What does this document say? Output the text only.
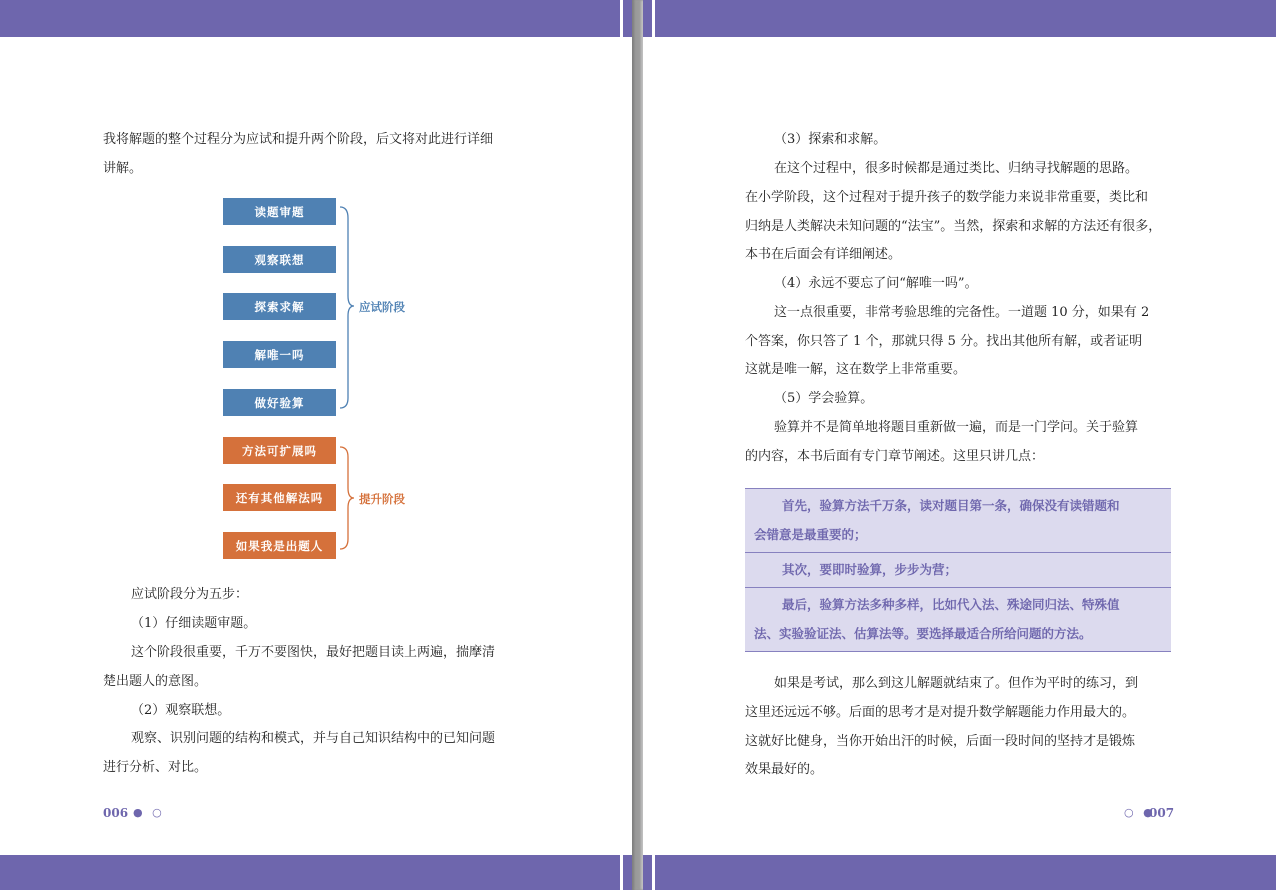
我将解题的整个过程分为应试和提升两个阶段，后文将对此进行详细
讲解。
读题审题
观察联想
探索求解
解唯一吗
做好验算
方法可扩展吗
还有其他解法吗
如果我是出题人
应试阶段
提升阶段
应试阶段分为五步：
（1）仔细读题审题。
这个阶段很重要，千万不要图快，最好把题目读上两遍，揣摩清
楚出题人的意图。
（2）观察联想。
观察、识别问题的结构和模式，并与自己知识结构中的已知问题
进行分析、对比。
006 ● ○
（3）探索和求解。
在这个过程中，很多时候都是通过类比、归纳寻找解题的思路。
在小学阶段，这个过程对于提升孩子的数学能力来说非常重要，类比和
归纳是人类解决未知问题的“法宝”。当然，探索和求解的方法还有很多，
本书在后面会有详细阐述。
（4）永远不要忘了问“解唯一吗”。
这一点很重要，非常考验思维的完备性。一道题 10 分，如果有 2
个答案，你只答了 1 个，那就只得 5 分。找出其他所有解，或者证明
这就是唯一解，这在数学上非常重要。
（5）学会验算。
验算并不是简单地将题目重新做一遍，而是一门学问。关于验算
的内容，本书后面有专门章节阐述。这里只讲几点：
首先，验算方法千万条，读对题目第一条，确保没有读错题和
会错意是最重要的；
其次，要即时验算，步步为营；
最后，验算方法多种多样，比如代入法、殊途同归法、特殊值
法、实验验证法、估算法等。要选择最适合所给问题的方法。
如果是考试，那么到这儿解题就结束了。但作为平时的练习，到
这里还远远不够。后面的思考才是对提升数学解题能力作用最大的。
这就好比健身，当你开始出汗的时候，后面一段时间的坚持才是锻炼
效果最好的。
○ ●
007
